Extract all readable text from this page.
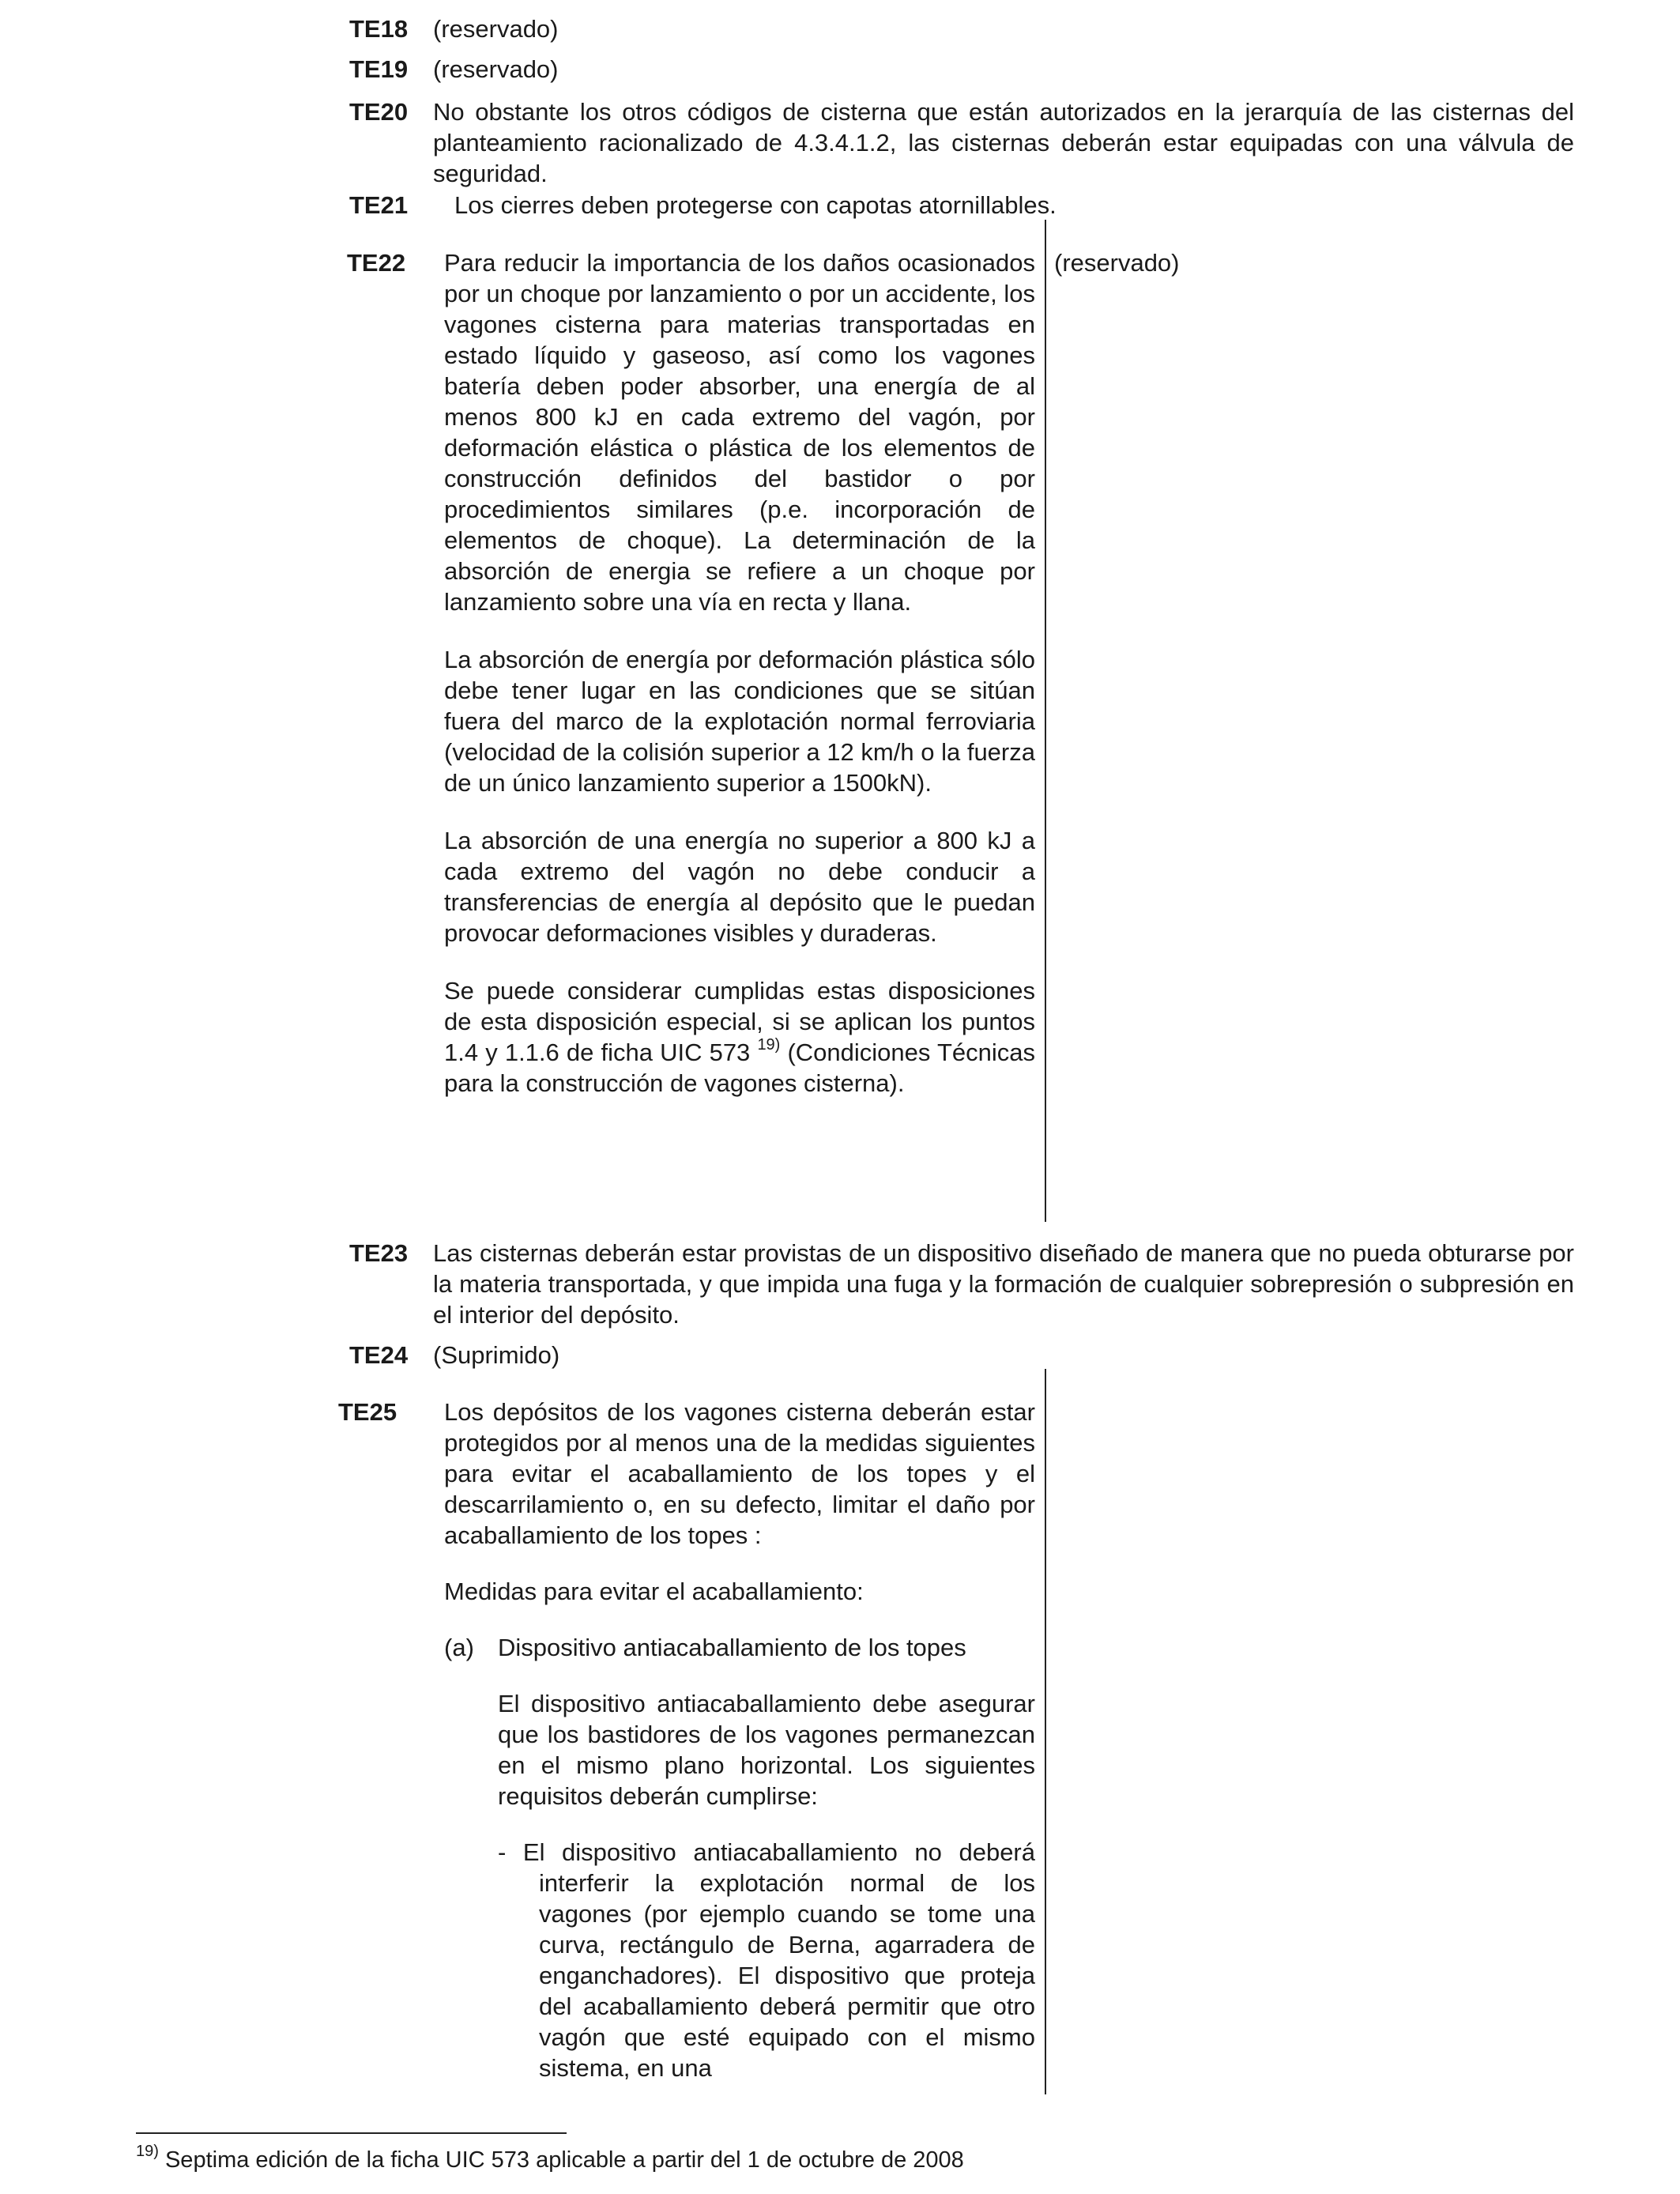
TE18 (reservado)
TE19 (reservado)
TE20 No obstante los otros códigos de cisterna que están autorizados en la jerarquía de las cisternas del planteamiento racionalizado de 4.3.4.1.2, las cisternas deberán estar equipadas con una válvula de seguridad.
TE21 Los cierres deben protegerse con capotas atornillables.
TE22	(reservado)

Para reducir la importancia de los daños ocasionados por un choque por lanzamiento o por un accidente, los vagones cisterna para materias transportadas en estado líquido y gaseoso, así como los vagones batería deben poder absorber, una energía de al menos 800 kJ en cada extremo del vagón, por deformación elástica o plástica de los elementos de construcción definidos del bastidor o por procedimientos similares (p.e. incorporación de elementos de choque). La determinación de la absorción de energia se refiere a un choque por lanzamiento sobre una vía en recta y llana.

La absorción de energía por deformación plástica sólo debe tener lugar en las condiciones que se sitúan fuera del marco de la explotación normal ferroviaria (velocidad de la colisión superior a 12 km/h o la fuerza de un único lanzamiento superior a 1500kN).

La absorción de una energía no superior a 800 kJ a cada extremo del vagón no debe conducir a transferencias de energía al depósito que le puedan provocar deformaciones visibles y duraderas.

Se puede considerar cumplidas estas disposiciones de esta disposición especial, si se aplican los puntos 1.4 y 1.1.6 de ficha UIC 573 $^{19)}$ (Condiciones Técnicas para la construcción de vagones cisterna).

TE23 Las cisternas deberán estar provistas de un dispositivo diseñado de manera que no pueda obturarse por la materia transportada, y que impida una fuga y la formación de cualquier sobrepresión o subpresión en el interior del depósito.
TE24 (Suprimido)
TE25 Los depósitos de los vagones cisterna deberán estar protegidos por al menos una de la medidas siguientes para evitar el acaballamiento de los topes y el descarrilamiento o, en su defecto, limitar el daño por acaballamiento de los topes :

Medidas para evitar el acaballamiento:

(a) Dispositivo antiacaballamiento de los topes

El dispositivo antiacaballamiento debe asegurar que los bastidores de los vagones permanezcan en el mismo plano horizontal. Los siguientes requisitos deberán cumplirse:

- El dispositivo antiacaballamiento no deberá interferir la explotación normal de los vagones (por ejemplo cuando se tome una curva, rectángulo de Berna, agarradera de enganchadores). El dispositivo que proteja del acaballamiento deberá permitir que otro vagón que esté equipado con el mismo sistema, en una

$^{19)}$ Septima edición de la ficha UIC 573 aplicable a partir del 1 de octubre de 2008
